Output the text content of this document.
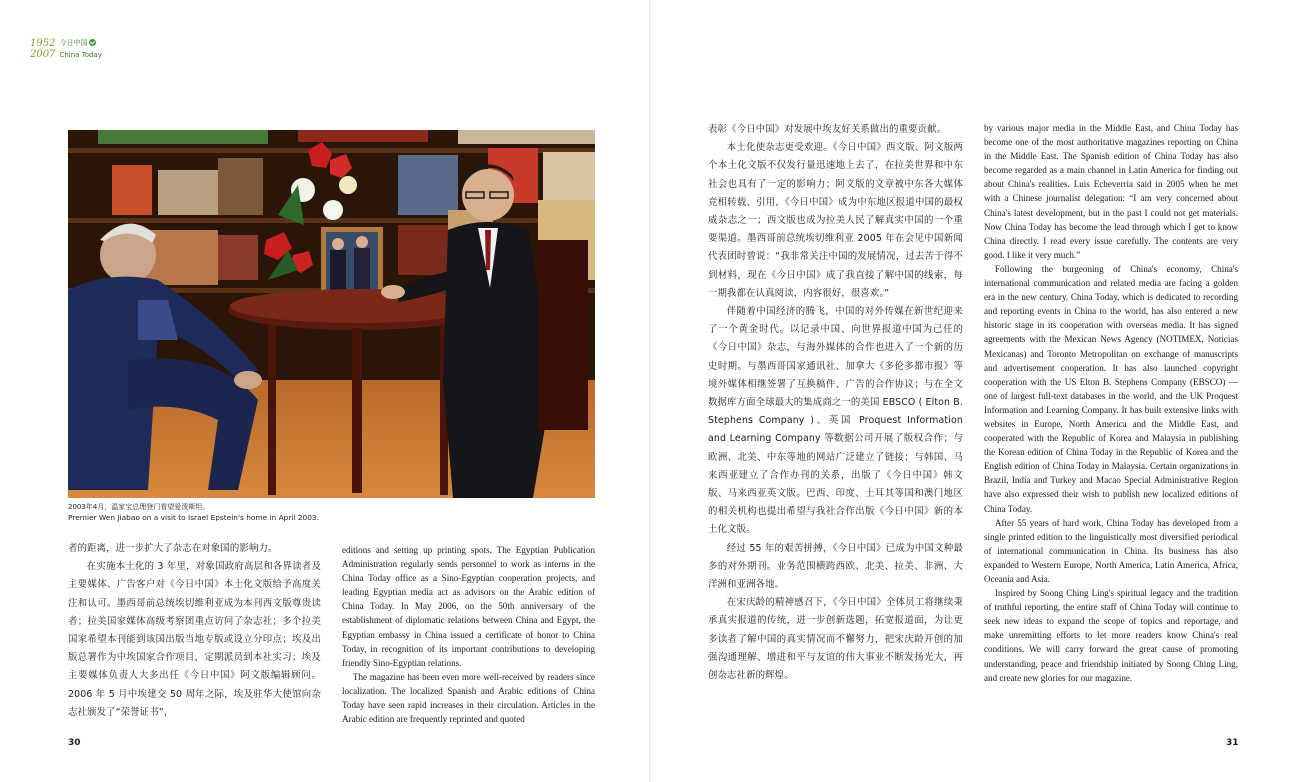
1952
2007
今日中国
China Today
2003年4月，温家宝总理登门看望爱泼斯坦。
Premier Wen Jiabao on a visit to Israel Epstein's home in April 2003.

者的距离，进一步扩大了杂志在对象国的影响力。

在实施本土化的 3 年里，对象国政府高层和各界读者及主要媒体、广告客户对《今日中国》本土化文版给予高度关注和认可。墨西哥前总统埃切维利亚成为本刊西文版尊贵读者；拉美国家媒体高级考察团重点访问了杂志社；多个拉美国家希望本刊能到该国出版当地专版或设立分印点；埃及出版总署作为中埃国家合作项目，定期派员到本社实习；埃及主要媒体负责人大多出任《今日中国》阿文版编辑顾问。2006 年 5 月中埃建交 50 周年之际，埃及驻华大使馆向杂志社颁发了“荣誉证书”，

editions and setting up printing spots. The Egyptian Publication Administration regularly sends personnel to work as interns in the China Today office as a Sino-Egyptian cooperation projects, and leading Egyptian media act as advisors on the Arabic edition of China Today. In May 2006, on the 50th anniversary of the establishment of diplomatic relations between China and Egypt, the Egyptian embassy in China issued a certificate of honor to China Today, in recognition of its important contributions to developing friendly Sino-Egyptian relations.

The magazine has been even more well-received by readers since localization. The localized Spanish and Arabic editions of China Today have seen rapid increases in their circulation. Articles in the Arabic edition are frequently reprinted and quoted

表彰《今日中国》对发展中埃友好关系做出的重要贡献。

本土化使杂志更受欢迎。《今日中国》西文版、阿文版两个本土化文版不仅发行量迅速地上去了，在拉美世界和中东社会也具有了一定的影响力；阿文版的文章被中东各大媒体竞相转载、引用，《今日中国》成为中东地区报道中国的最权威杂志之一；西文版也成为拉美人民了解真实中国的一个重要渠道。墨西哥前总统埃切维利亚 2005 年在会见中国新闻代表团时曾说：“我非常关注中国的发展情况，过去苦于得不到材料，现在《今日中国》成了我直接了解中国的线索，每一期我都在认真阅读，内容很好，很喜欢。”

伴随着中国经济的腾飞，中国的对外传媒在新世纪迎来了一个黄金时代。以记录中国、向世界报道中国为己任的《今日中国》杂志，与海外媒体的合作也进入了一个新的历史时期。与墨西哥国家通讯社、加拿大《多伦多都市报》等境外媒体相继签署了互换稿件、广告的合作协议；与在全文数据库方面全球最大的集成商之一的美国 EBSCO ( Elton B. Stephens Company )、英国 Proquest Information and Learning Company 等数据公司开展了版权合作；与欧洲、北美、中东等地的网站广泛建立了链接；与韩国、马来西亚建立了合作办刊的关系，出版了《今日中国》韩文版、马来西亚英文版。巴西、印度、土耳其等国和澳门地区的相关机构也提出希望与我社合作出版《今日中国》新的本土化文版。

经过 55 年的艰苦拼搏，《今日中国》已成为中国文种最多的对外期刊。业务范围横跨西欧、北美、拉美、非洲、大洋洲和亚洲各地。

在宋庆龄的精神感召下，《今日中国》全体员工将继续秉承真实报道的传统，进一步创新选题，拓宽报道面，为让更多读者了解中国的真实情况而不懈努力，把宋庆龄开创的加强沟通理解、增进和平与友谊的伟大事业不断发扬光大，再创杂志社新的辉煌。

by various major media in the Middle East, and China Today has become one of the most authoritative magazines reporting on China in the Middle East. The Spanish edition of China Today has also become regarded as a main channel in Latin America for finding out about China's realities. Luis Echeverria said in 2005 when he met with a Chinese journalist delegation: “I am very concerned about China's latest development, but in the past I could not get materials. Now China Today has become the lead through which I get to know China directly. I read every issue carefully. The contents are very good. I like it very much.”

Following the burgeoning of China's economy, China's international communication and related media are facing a golden era in the new century. China Today, which is dedicated to recording and reporting events in China to the world, has also entered a new historic stage in its cooperation with overseas media. It has signed agreements with the Mexican News Agency (NOTIMEX, Noticias Mexicanas) and Toronto Metropolitan on exchange of manuscripts and advertisement cooperation. It has also launched copyright cooperation with the US Elton B. Stephens Company (EBSCO) — one of largest full-text databases in the world, and the UK Proquest Information and Learning Company. It has built extensive links with websites in Europe, North America and the Middle East, and cooperated with the Republic of Korea and Malaysia in publishing the Korean edition of China Today in the Republic of Korea and the English edition of China Today in Malaysia. Certain organizations in Brazil, India and Turkey and Macao Special Administrative Region have also expressed their wish to publish new localized editions of China Today.

After 55 years of hard work, China Today has developed from a single printed edition to the linguistically most diversified periodical of international communication in China. Its business has also expanded to Western Europe, North America, Latin America, Africa, Oceania and Asia.

Inspired by Soong Ching Ling's spiritual legacy and the tradition of truthful reporting, the entire staff of China Today will continue to seek new ideas to expand the scope of topics and reportage, and make unremitting efforts to let more readers know China's real conditions. We will carry forward the great cause of promoting understanding, peace and friendship initiated by Soong Ching Ling, and create new glories for our magazine.

30	31
